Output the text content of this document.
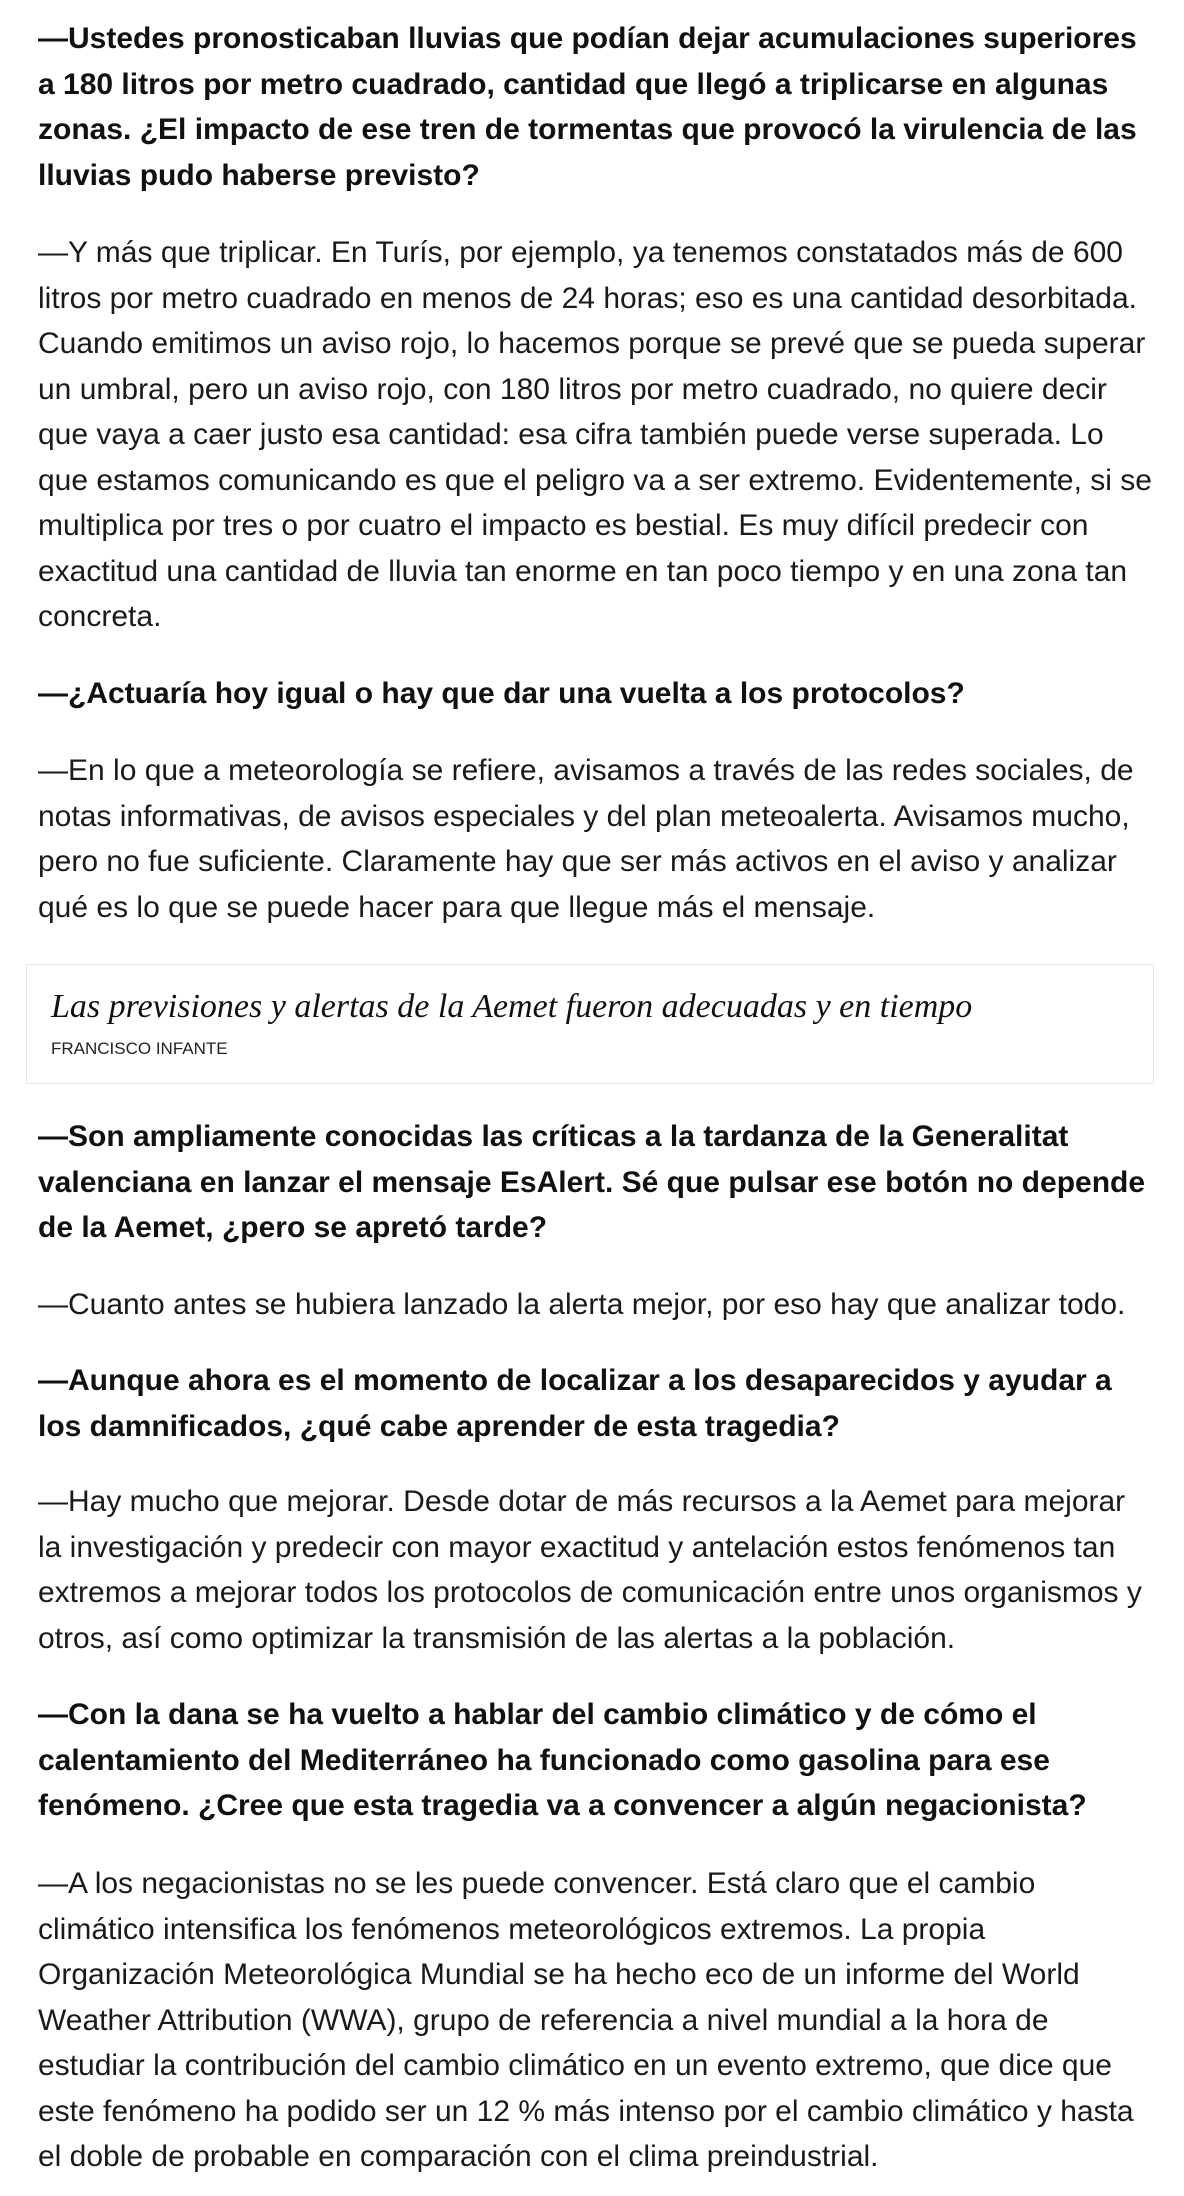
—Ustedes pronosticaban lluvias que podían dejar acumulaciones superiores a 180 litros por metro cuadrado, cantidad que llegó a triplicarse en algunas zonas. ¿El impacto de ese tren de tormentas que provocó la virulencia de las lluvias pudo haberse previsto?

—Y más que triplicar. En Turís, por ejemplo, ya tenemos constatados más de 600 litros por metro cuadrado en menos de 24 horas; eso es una cantidad desorbitada. Cuando emitimos un aviso rojo, lo hacemos porque se prevé que se pueda superar un umbral, pero un aviso rojo, con 180 litros por metro cuadrado, no quiere decir que vaya a caer justo esa cantidad: esa cifra también puede verse superada. Lo que estamos comunicando es que el peligro va a ser extremo. Evidentemente, si se multiplica por tres o por cuatro el impacto es bestial. Es muy difícil predecir con exactitud una cantidad de lluvia tan enorme en tan poco tiempo y en una zona tan concreta.

—¿Actuaría hoy igual o hay que dar una vuelta a los protocolos?

—En lo que a meteorología se refiere, avisamos a través de las redes sociales, de notas informativas, de avisos especiales y del plan meteoalerta. Avisamos mucho, pero no fue suficiente. Claramente hay que ser más activos en el aviso y analizar qué es lo que se puede hacer para que llegue más el mensaje.

—Son ampliamente conocidas las críticas a la tardanza de la Generalitat valenciana en lanzar el mensaje EsAlert. Sé que pulsar ese botón no depende de la Aemet, ¿pero se apretó tarde?

—Cuanto antes se hubiera lanzado la alerta mejor, por eso hay que analizar todo.

—Aunque ahora es el momento de localizar a los desaparecidos y ayudar a los damnificados, ¿qué cabe aprender de esta tragedia?

—Hay mucho que mejorar. Desde dotar de más recursos a la Aemet para mejorar la investigación y predecir con mayor exactitud y antelación estos fenómenos tan extremos a mejorar todos los protocolos de comunicación entre unos organismos y otros, así como optimizar la transmisión de las alertas a la población.

—Con la dana se ha vuelto a hablar del cambio climático y de cómo el calentamiento del Mediterráneo ha funcionado como gasolina para ese fenómeno. ¿Cree que esta tragedia va a convencer a algún negacionista?

—A los negacionistas no se les puede convencer. Está claro que el cambio climático intensifica los fenómenos meteorológicos extremos. La propia Organización Meteorológica Mundial se ha hecho eco de un informe del World Weather Attribution (WWA), grupo de referencia a nivel mundial a la hora de estudiar la contribución del cambio climático en un evento extremo, que dice que este fenómeno ha podido ser un 12 % más intenso por el cambio climático y hasta el doble de probable en comparación con el clima preindustrial.

Las previsiones y alertas de la Aemet fueron adecuadas y en tiempo

FRANCISCO INFANTE
